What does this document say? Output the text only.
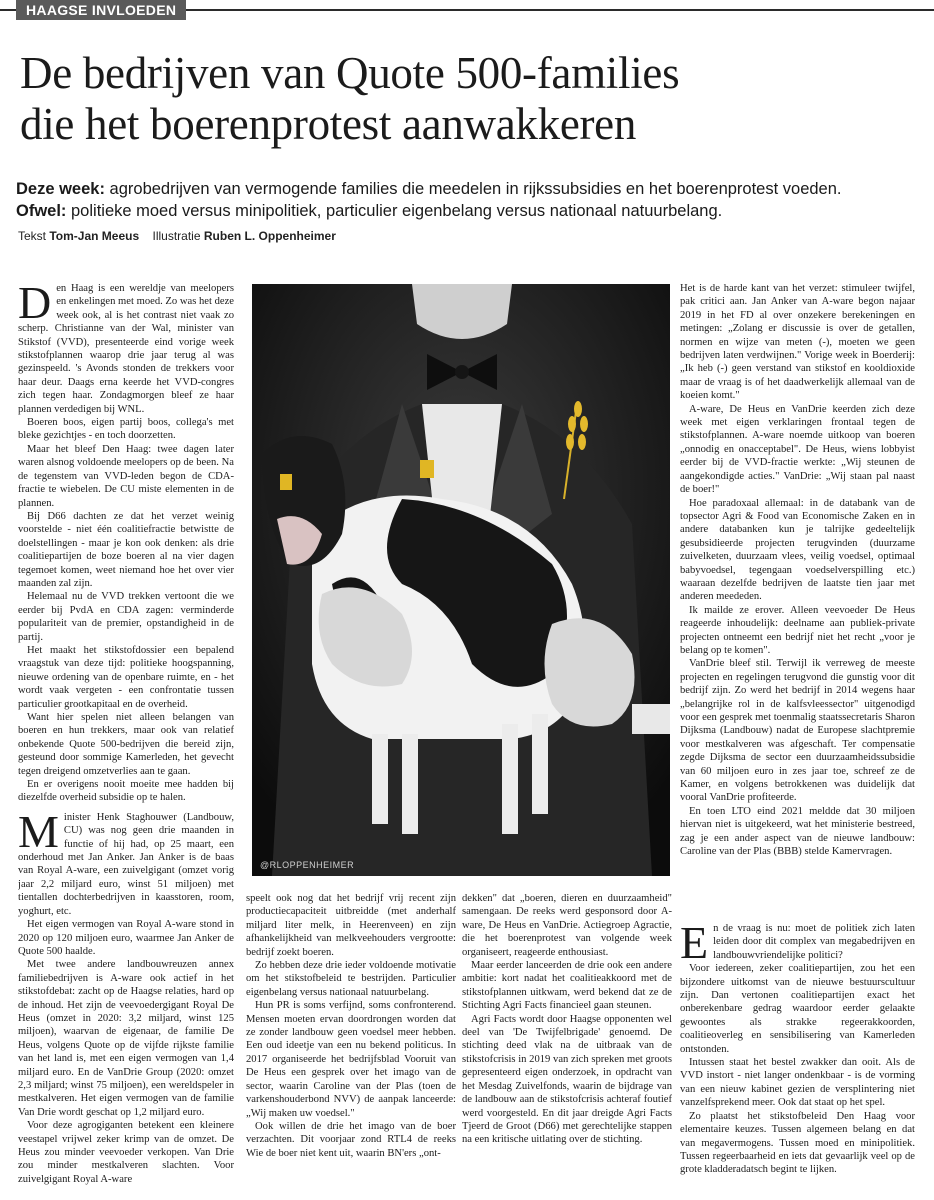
HAAGSE INVLOEDEN
De bedrijven van Quote 500-families
die het boerenprotest aanwakkeren
Deze week: agrobedrijven van vermogende families die meedelen in rijkssubsidies en het boerenprotest voeden.
Ofwel: politieke moed versus minipolitiek, particulier eigenbelang versus nationaal natuurbelang.
Tekst Tom-Jan Meeus Illustratie Ruben L. Oppenheimer

Den Haag is een wereldje van meelopers en enkelingen met moed. Zo was het deze week ook, al is het contrast niet vaak zo scherp. Christianne van der Wal, minister van Stikstof (VVD), presenteerde eind vorige week stikstofplannen waarop drie jaar terug al was gezinspeeld. 's Avonds stonden de trekkers voor haar deur. Daags erna keerde het VVD-congres zich tegen haar. Zondagmorgen bleef ze haar plannen verdedigen bij WNL.

Boeren boos, eigen partij boos, collega's met bleke gezichtjes - en toch doorzetten.

Maar het bleef Den Haag: twee dagen later waren alsnog voldoende meelopers op de been. Na de tegenstem van VVD-leden begon de CDA-fractie te wiebelen. De CU miste elementen in de plannen.

Bij D66 dachten ze dat het verzet weinig voorstelde - niet één coalitiefractie betwistte de doelstellingen - maar je kon ook denken: als drie coalitiepartijen de boze boeren al na vier dagen tegemoet komen, weet niemand hoe het over vier maanden zal zijn.

Helemaal nu de VVD trekken vertoont die we eerder bij PvdA en CDA zagen: verminderde populariteit van de premier, opstandigheid in de partij.

Het maakt het stikstofdossier een bepalend vraagstuk van deze tijd: politieke hoogspanning, nieuwe ordening van de openbare ruimte, en - het wordt vaak vergeten - een confrontatie tussen particulier grootkapitaal en de overheid.

Want hier spelen niet alleen belangen van boeren en hun trekkers, maar ook van relatief onbekende Quote 500-bedrijven die bereid zijn, gesteund door sommige Kamerleden, het gevecht tegen dreigend omzetverlies aan te gaan.

En er overigens nooit moeite mee hadden bij diezelfde overheid subsidie op te halen.

Minister Henk Staghouwer (Landbouw, CU) was nog geen drie maanden in functie of hij had, op 25 maart, een onderhoud met Jan Anker. Jan Anker is de baas van Royal A-ware, een zuivelgigant (omzet vorig jaar 2,2 miljard euro, winst 51 miljoen) met tientallen dochterbedrijven in kaasstoren, room, yoghurt, etc.

Het eigen vermogen van Royal A-ware stond in 2020 op 120 miljoen euro, waarmee Jan Anker de Quote 500 haalde.

Met twee andere landbouwreuzen annex familiebedrijven is A-ware ook actief in het stikstofdebat: zacht op de Haagse relaties, hard op de inhoud. Het zijn de veevoedergigant Royal De Heus (omzet in 2020: 3,2 miljard, winst 125 miljoen), waarvan de eigenaar, de familie De Heus, volgens Quote op de vijfde rijkste familie van het land is, met een eigen vermogen van 1,4 miljard euro. En de VanDrie Group (2020: omzet 2,3 miljard; winst 75 miljoen), een wereldspeler in mestkalveren. Het eigen vermogen van de familie Van Drie wordt geschat op 1,2 miljard euro.

Voor deze agrogiganten betekent een kleinere veestapel vrijwel zeker krimp van de omzet. De Heus zou minder veevoeder verkopen. Van Drie zou minder mestkalveren slachten. Voor zuivelgigant Royal A-ware

@RLOPPENHEIMER

speelt ook nog dat het bedrijf vrij recent zijn productiecapaciteit uitbreidde (met anderhalf miljard liter melk, in Heerenveen) en zijn afhankelijkheid van melkveehouders vergrootte: bedrijf zoekt boeren.

Zo hebben deze drie ieder voldoende motivatie om het stikstofbeleid te bestrijden. Particulier eigenbelang versus nationaal natuurbelang.

Hun PR is soms verfijnd, soms confronterend. Mensen moeten ervan doordrongen worden dat ze zonder landbouw geen voedsel meer hebben. Een oud ideetje van een nu bekend politicus. In 2017 organiseerde het bedrijfsblad Vooruit van De Heus een gesprek over het imago van de sector, waarin Caroline van der Plas (toen de varkenshouderbond NVV) de aanpak lanceerde: „Wij maken uw voedsel."

Ook willen de drie het imago van de boer verzachten. Dit voorjaar zond RTL4 de reeks Wie de boer niet kent uit, waarin BN'ers „ont-

dekken" dat „boeren, dieren en duurzaamheid" samengaan. De reeks werd gesponsord door A-ware, De Heus en VanDrie. Actiegroep Agractie, die het boerenprotest van volgende week organiseert, reageerde enthousiast.

Maar eerder lanceerden de drie ook een andere ambitie: kort nadat het coalitieakkoord met de stikstofplannen uitkwam, werd bekend dat ze de Stichting Agri Facts financieel gaan steunen.

Agri Facts wordt door Haagse opponenten wel deel van 'De Twijfelbrigade' genoemd. De stichting deed vlak na de uitbraak van de stikstofcrisis in 2019 van zich spreken met groots gepresenteerd eigen onderzoek, in opdracht van het Mesdag Zuivelfonds, waarin de bijdrage van de landbouw aan de stikstofcrisis achteraf foutief werd voorgesteld. En dit jaar dreigde Agri Facts Tjeerd de Groot (D66) met gerechtelijke stappen na een kritische uitlating over de stichting.

Het is de harde kant van het verzet: stimuleer twijfel, pak critici aan. Jan Anker van A-ware begon najaar 2019 in het FD al over onzekere berekeningen en metingen: „Zolang er discussie is over de getallen, normen en wijze van meten (-), moeten we geen bedrijven laten verdwijnen." Vorige week in Boerderij: „Ik heb (-) geen verstand van stikstof en kooldioxide maar de vraag is of het daadwerkelijk allemaal van de koeien komt."

A-ware, De Heus en VanDrie keerden zich deze week met eigen verklaringen frontaal tegen de stikstofplannen. A-ware noemde uitkoop van boeren „onnodig en onacceptabel". De Heus, wiens lobbyist eerder bij de VVD-fractie werkte: „Wij steunen de aangekondigde acties." VanDrie: „Wij staan pal naast de boer!"

Hoe paradoxaal allemaal: in de databank van de topsector Agri & Food van Economische Zaken en in andere databanken kun je talrijke gedeeltelijk gesubsidieerde projecten terugvinden (duurzame zuivelketen, duurzaam vlees, veilig voedsel, optimaal babyvoedsel, tegengaan voedselverspilling etc.) waaraan dezelfde bedrijven de laatste tien jaar met anderen meededen.

Ik mailde ze erover. Alleen veevoeder De Heus reageerde inhoudelijk: deelname aan publiek-private projecten ontneemt een bedrijf niet het recht „voor je belang op te komen".

VanDrie bleef stil. Terwijl ik verreweg de meeste projecten en regelingen terugvond die gunstig voor dit bedrijf zijn. Zo werd het bedrijf in 2014 wegens haar „belangrijke rol in de kalfsvleessector" uitgenodigd voor een gesprek met toenmalig staatssecretaris Sharon Dijksma (Landbouw) nadat de Europese slachtpremie voor mestkalveren was afgeschaft. Ter compensatie zegde Dijksma de sector een duurzaamheidssubsidie van 60 miljoen euro in zes jaar toe, schreef ze de Kamer, en volgens betrokkenen was duidelijk dat vooral VanDrie profiteerde.

En toen LTO eind 2021 meldde dat 30 miljoen hiervan niet is uitgekeerd, wat het ministerie bestreed, zag je een ander aspect van de nieuwe landbouw: Caroline van der Plas (BBB) stelde Kamervragen.

En de vraag is nu: moet de politiek zich laten leiden door dit complex van megabedrijven en landbouwvriendelijke politici?

Voor iedereen, zeker coalitiepartijen, zou het een bijzondere uitkomst van de nieuwe bestuurscultuur zijn. Dan vertonen coalitiepartijen exact het onberekenbare gedrag waardoor eerder gelaakte gewoontes als strakke regeerakkoorden, coalitieoverleg en sensibilisering van Kamerleden ontstonden.

Intussen staat het bestel zwakker dan ooit. Als de VVD instort - niet langer ondenkbaar - is de vorming van een nieuw kabinet gezien de versplintering niet vanzelfsprekend meer. Ook dat staat op het spel.

Zo plaatst het stikstofbeleid Den Haag voor elementaire keuzes. Tussen algemeen belang en dat van megavermogens. Tussen moed en minipolitiek. Tussen regeerbaarheid en iets dat gevaarlijk veel op de grote kladderadatsch begint te lijken.
